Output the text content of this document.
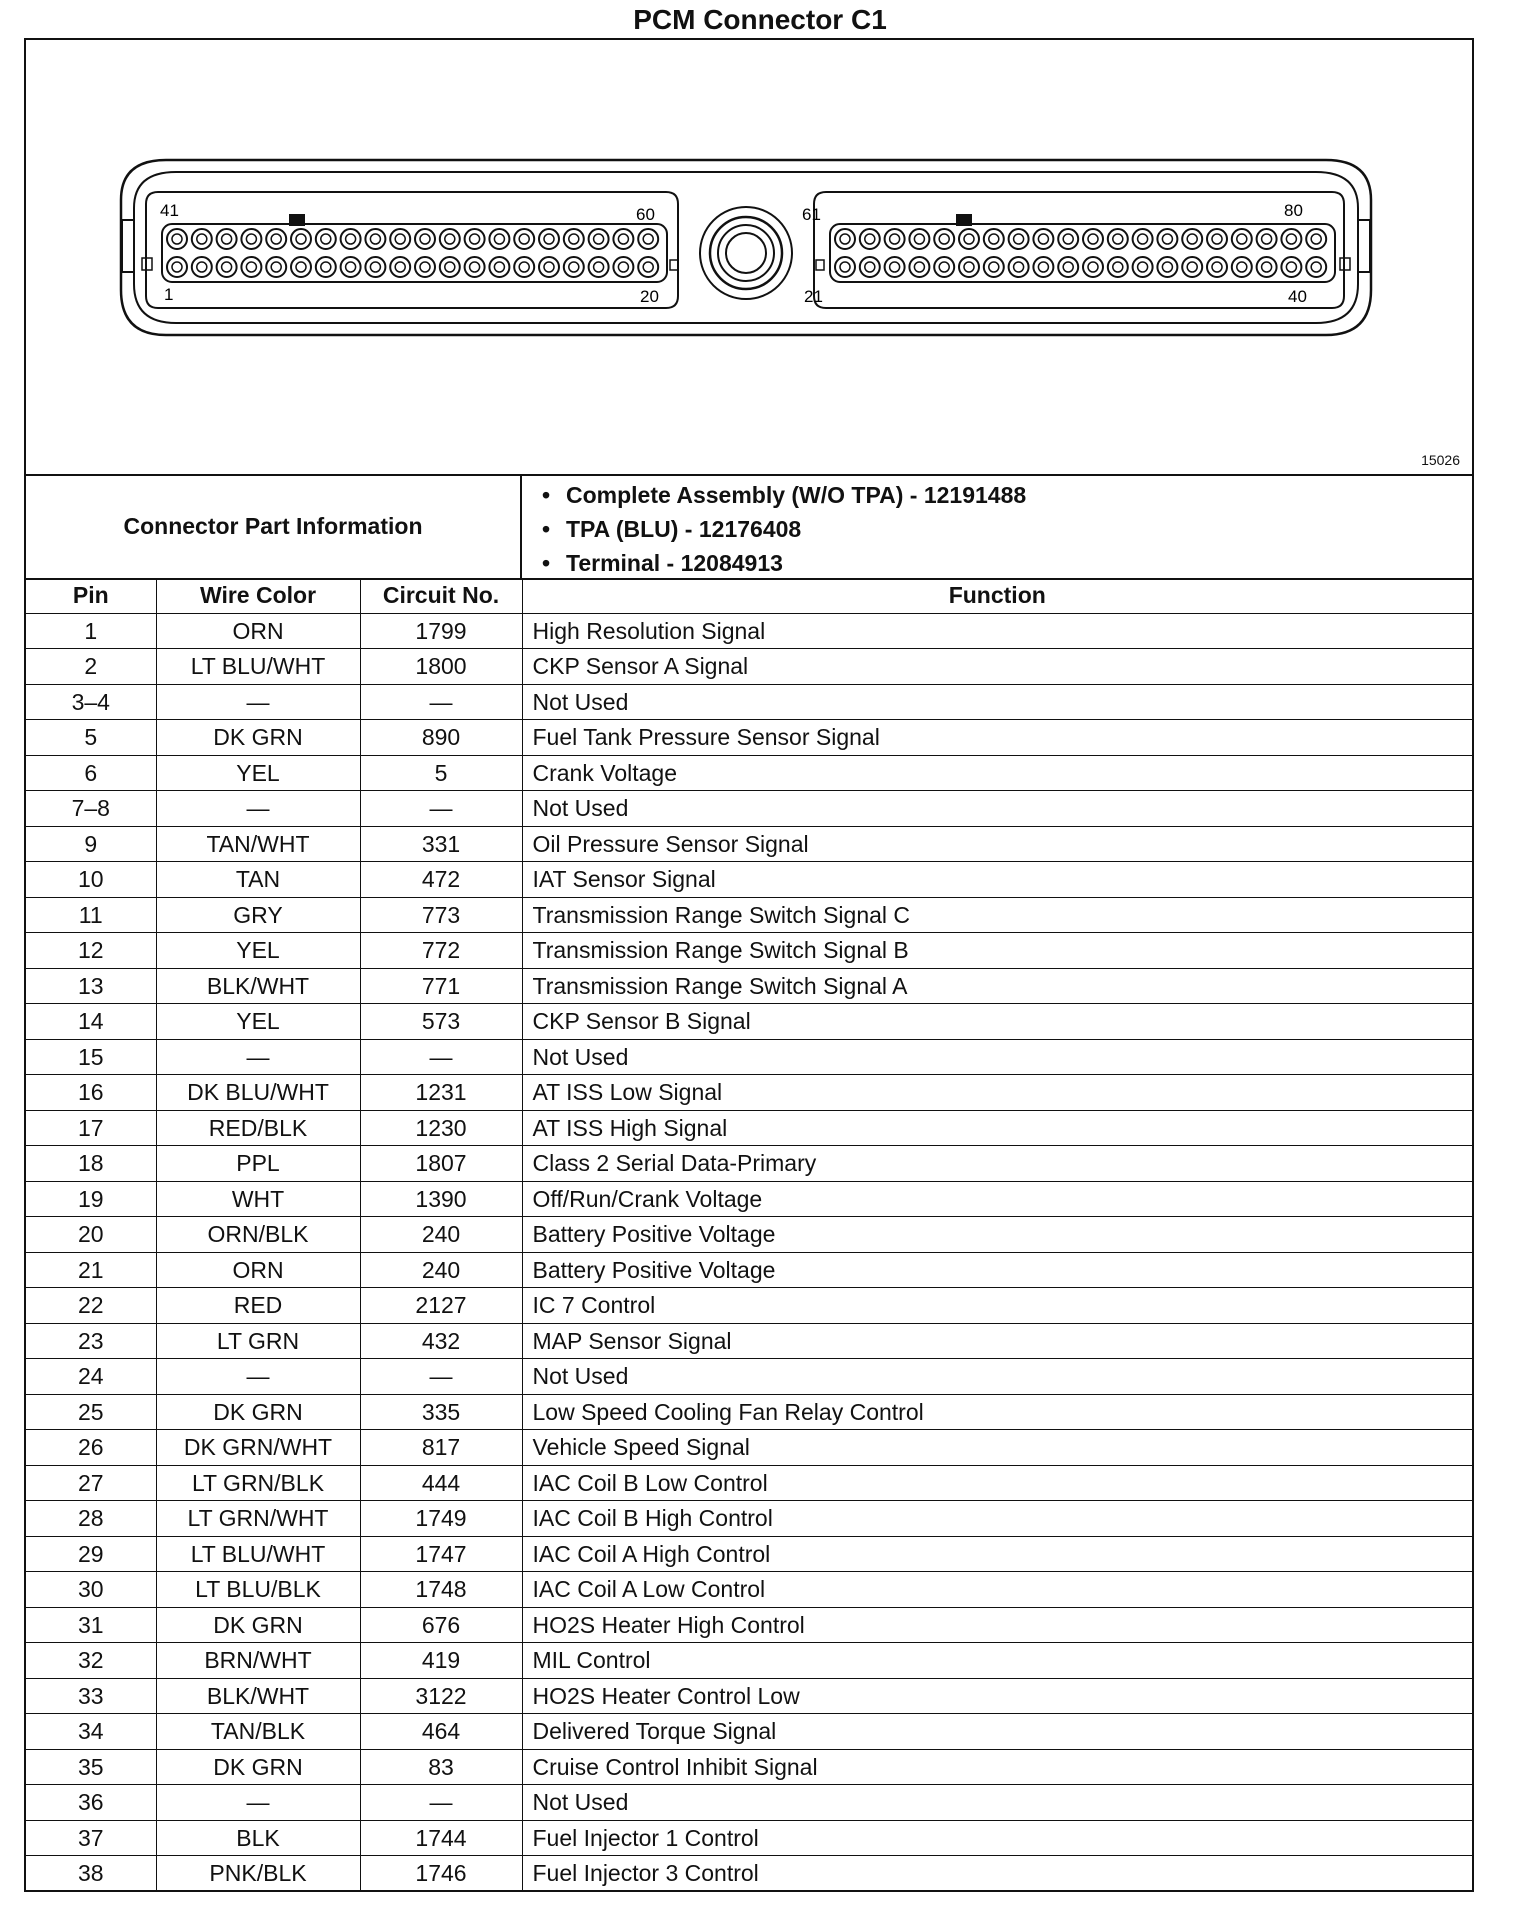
PCM Connector C1
41	60
1	20
61	80
21	40
15026
Connector Part Information
• Complete Assembly (W/O TPA) - 12191488
• TPA (BLU) - 12176408
• Terminal - 12084913
Pin	Wire Color	Circuit No.	Function
1	ORN	1799	High Resolution Signal
2	LT BLU/WHT	1800	CKP Sensor A Signal
3–4	—	—	Not Used
5	DK GRN	890	Fuel Tank Pressure Sensor Signal
6	YEL	5	Crank Voltage
7–8	—	—	Not Used
9	TAN/WHT	331	Oil Pressure Sensor Signal
10	TAN	472	IAT Sensor Signal
11	GRY	773	Transmission Range Switch Signal C
12	YEL	772	Transmission Range Switch Signal B
13	BLK/WHT	771	Transmission Range Switch Signal A
14	YEL	573	CKP Sensor B Signal
15	—	—	Not Used
16	DK BLU/WHT	1231	AT ISS Low Signal
17	RED/BLK	1230	AT ISS High Signal
18	PPL	1807	Class 2 Serial Data-Primary
19	WHT	1390	Off/Run/Crank Voltage
20	ORN/BLK	240	Battery Positive Voltage
21	ORN	240	Battery Positive Voltage
22	RED	2127	IC 7 Control
23	LT GRN	432	MAP Sensor Signal
24	—	—	Not Used
25	DK GRN	335	Low Speed Cooling Fan Relay Control
26	DK GRN/WHT	817	Vehicle Speed Signal
27	LT GRN/BLK	444	IAC Coil B Low Control
28	LT GRN/WHT	1749	IAC Coil B High Control
29	LT BLU/WHT	1747	IAC Coil A High Control
30	LT BLU/BLK	1748	IAC Coil A Low Control
31	DK GRN	676	HO2S Heater High Control
32	BRN/WHT	419	MIL Control
33	BLK/WHT	3122	HO2S Heater Control Low
34	TAN/BLK	464	Delivered Torque Signal
35	DK GRN	83	Cruise Control Inhibit Signal
36	—	—	Not Used
37	BLK	1744	Fuel Injector 1 Control
38	PNK/BLK	1746	Fuel Injector 3 Control
